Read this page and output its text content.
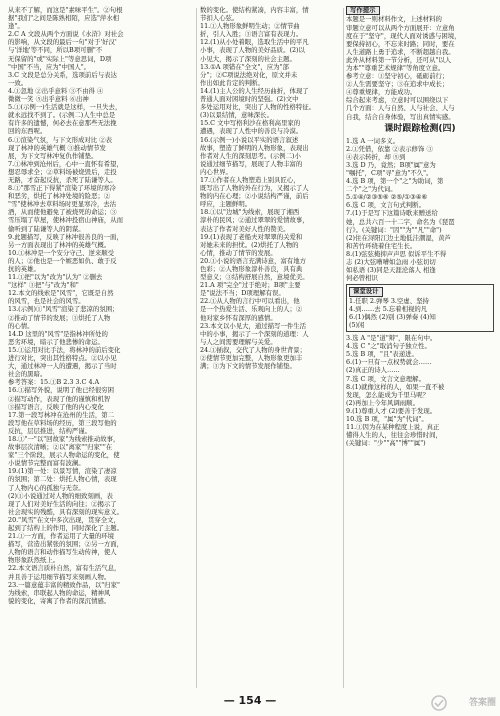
从来不了解，而这是"素味平生"。②句根
据"我们"之间是陈熟相陌，应选"萍水相
逢"。
2.C A 文段从两个方面说《水浒》对社会
的影响，从文段的最后一句"对于'好汉'
与'洋地'等不同，所以B项可删"不
无保留的"或"实际上"等意思词，D项
"中国"不当，应为"中国人"。
3.C 文段是总分关系，选项前后与表达
一致。
4.①忽地 ②出乎意料 ③不由得 ④
微微一笑 ⑤出乎意料 ⑥出神
5.①(示例一)生活就是这样，一旦失去，
就永远找不到了。(示例二)人生中总是
有许多的遗憾，何必去在意那些无法挽
回的东西呢。
6.①渲染气氛，与下文形成对比 ②表
现了林冲的英雄气概 ③推动情节发
展，为下文写林冲复仇作铺垫。
7.①林冲到沧州后，心中一直怀有希望，
想忍辱求全；②草料场被烧毁后，走投
无路，才奋起反抗，杀死了陆谦等人。
8.①"那雪正下得紧"渲染了环境的寒冷
和恶劣，烘托了林冲处境的险恶；②
"雪"使林冲去草料场时更显寒冷，去沽
酒，从而使他避免了被烧死的命运；③
雪压塌了草屋，使林冲投宿山神庙，从而
偷听到了陆谦等人的阴谋。
9.此题描写，反映了林冲很善良的一面，
另一方面表现出了林冲的英雄气概。
10.①林冲是一个安分守己、逆来顺受
的人；②他也是一个嫉恶如仇、敢于反
抗的英雄。
11.①把"以为"改为"认为" ②删去
"这样" ③把"与"改为"和"
12.本文的线索是"风雪"，它既是自然
的风雪，也是社会的风雪。
13.(示例)①"风雪"渲染了悲凉的氛围；
②推动了情节的发展；③烘托了人物
的心情。
14.D 这里的"风雪"是指林冲所处的
恶劣环境，暗示了他悲惨的命运。
15.①运用对比手法，将林冲的前后变化
进行对比，突出其性格特点。②以小见
大，通过林冲一人的遭遇，揭示了当时
社会的黑暗。
参考答案：15.①B 2.3 3.C 4.A
16.①描写外貌，说明了他已经很穷困
②描写动作，表现了他的谨慎和机智
③描写语言，反映了他的内心变化
17.第一段写林冲在沧州的生活，第二
段写他在草料场的经历，第三段写他的
反抗，层层推进，结构严谨。
18.①"一"以"回故家"为线索推动故事，
故事层次清晰；②以"离家""归家""在
家"三个阶段，展示人物命运的变化，使
小说情节完整而富有波澜。
19.(1)第一处：以景写情，渲染了凄凉
的氛围；第二处：烘托人物心情，表现
了人物内心的孤独与无奈。
(2)①小说通过对人物的细致刻画，表
现了人们对美好生活的向往；②揭示了
社会现实的残酷，具有深刻的现实意义。
20."风雪"在文中多次出现，贯穿全文，
起到了结构上的作用，同时深化了主题。
21.①一方面，作者运用了大量的环境
描写，营造出紧张的氛围；②另一方面，
人物的语言和动作描写生动传神，使人
物形象跃然纸上。
22.本文语言质朴自然，富有生活气息，
并且善于运用细节描写来刻画人物。
23.一篇意蕴丰富的精致作品，以"归家"
为线索，串联起人物的命运，精神风
貌的变化，寄寓了作者的深沉情感。
数的变化。使结构紧凑，内容丰富，情
节扣人心弦。
11.①人物形象鲜明生动；②情节曲
折，引人入胜；③语言富有表现力。
12.(1)从小处着眼，选取生活中的平凡
小事，表现了人物的美好品质。(2)以
小见大，揭示了深刻的社会主题。
13.①A 项错在"全文"，应为"部
分"；②C项说法绝对化，原文并未
作出如此肯定的判断。
14.(1)主人公的人生经历曲折，体现了
普通人面对困境时的坚强。(2)文中
多处运用对比，突出了人物的性格特征。
(3)以景结情，意味深长。
15.C 文中写格利沙在格利高里家的
遭遇，表现了人性中的善良与冷漠。
16.(示例一)小说以平实的语言叙述
故事，塑造了鲜明的人物形象，表现出
作者对人生的深刻思考。(示例二)小
说通过细节描写，展现了人物丰富的
内心世界。
17.①作者在人物塑造上别具匠心，
既写出了人物的外在行为，又揭示了人
物的内在心理；②小说结构严谨，前后
呼应，主题鲜明。
18.①以"边城"为线索，展现了湘西
淳朴的民风；②通过翠翠的爱情故事，
表达了作者对美好人性的赞美。
19.(1)表现了老船夫对翠翠的关爱和
对她未来的担忧。(2)烘托了人物的
心情，推动了情节的发展。
20.①小说的语言充满诗意，富有地方
色彩；②人物形象淳朴善良，具有典
型意义；③结构舒展自然，意境优美。
21.A 项"完全"过于绝对；B项"主要
是"说法不当；D项理解有误。
22.①从人物的言行中可以看出，他
是一个热爱生活、乐观向上的人；②
他对家乡怀有深厚的感情。
23.本文以小见大，通过描写一件生活
中的小事，揭示了一个深刻的道理：人
与人之间需要理解与关爱。
24.①插叙，交代了人物的身世背景；
②使情节更加完整，人物形象更加丰
满；③为下文的情节发展作铺垫。
写作提示
本题是一则材料作文，上述材料的
审题立意可以从两个方面展开：立意角
度在于"坚守"，现代人面对诱惑与困境，
要保持初心，不忘来时路；同时，要在
人生道路上勇于追求，不断超越自我。
此外从材料第一节分析，还可从"以人
为本""尊重艺术规律"等角度立意。
参考立意：①坚守初心，砥砺前行；
②人生需要坚守；③在追求中成长；
④尊重规律，方能成功。
综合起来考虑，立意时可以围绕以下
几个方面：人与自然、人与社会、人与
自我，结合自身体验，写出真情实感。
课时跟踪检测(四)
1.选 A 一词多义。
2.①凭借，依靠 ②表示修饰 ③
④表示转折，却 ⑤到
3.选 D 乃，竟然；B项"属"意为
"嘱托"，C项"寻"意为"不久"。
4.选 B 项，第一个"之"为助词，第
二个"之"为代词。
5.①④/②③⑤⑥ ②⑤/①③④⑥
6.选 C 项，文言句式判断。
7.(1)于是写下这篇诗歌来赠送给
她，总共六百一十二字，命名为《琵琶
行》。(关键词："因""为""凡""命")
(2)住在浔阳江边土地低洼潮湿，黄芦
和苦竹环绕着住宅生长。
8.(1)弦弦掩抑声声思 似诉平生不得
志 (2)大弦嘈嘈如急雨 小弦切切
如私语 (3)同是天涯沦落人 相逢
何必曾相识
课堂设计
1.任职 2.弹琴 3.空虚、坚持
4.到……去 5.忘着相视的凡
6.(1)偶然 (2)别 (3)弹奏 (4)知
(5)闲
3.选 A "是"道"辩"，限在句中。
4.选 C "之"取消句子独立性。
5.选 B 项，"且"表递进。
6.(1)一旦有一点权势就会……
(2)真正的诗人……
7.选 C 项，文言文意理解。
8.(1)就像这样的人，如果一直不被
发现，怎么能成为千里马呢？
(2)再加上今年风调雨顺。
9.(1)尊重人才 (2)要善于发现。
10.选 B 项，"属"为"代词"。
11.①因为在某种程度上说，真正
懂得人生的人，往往会珍惜时间，
(关键词："少""高""博""属")
— 154 —	答案圈
